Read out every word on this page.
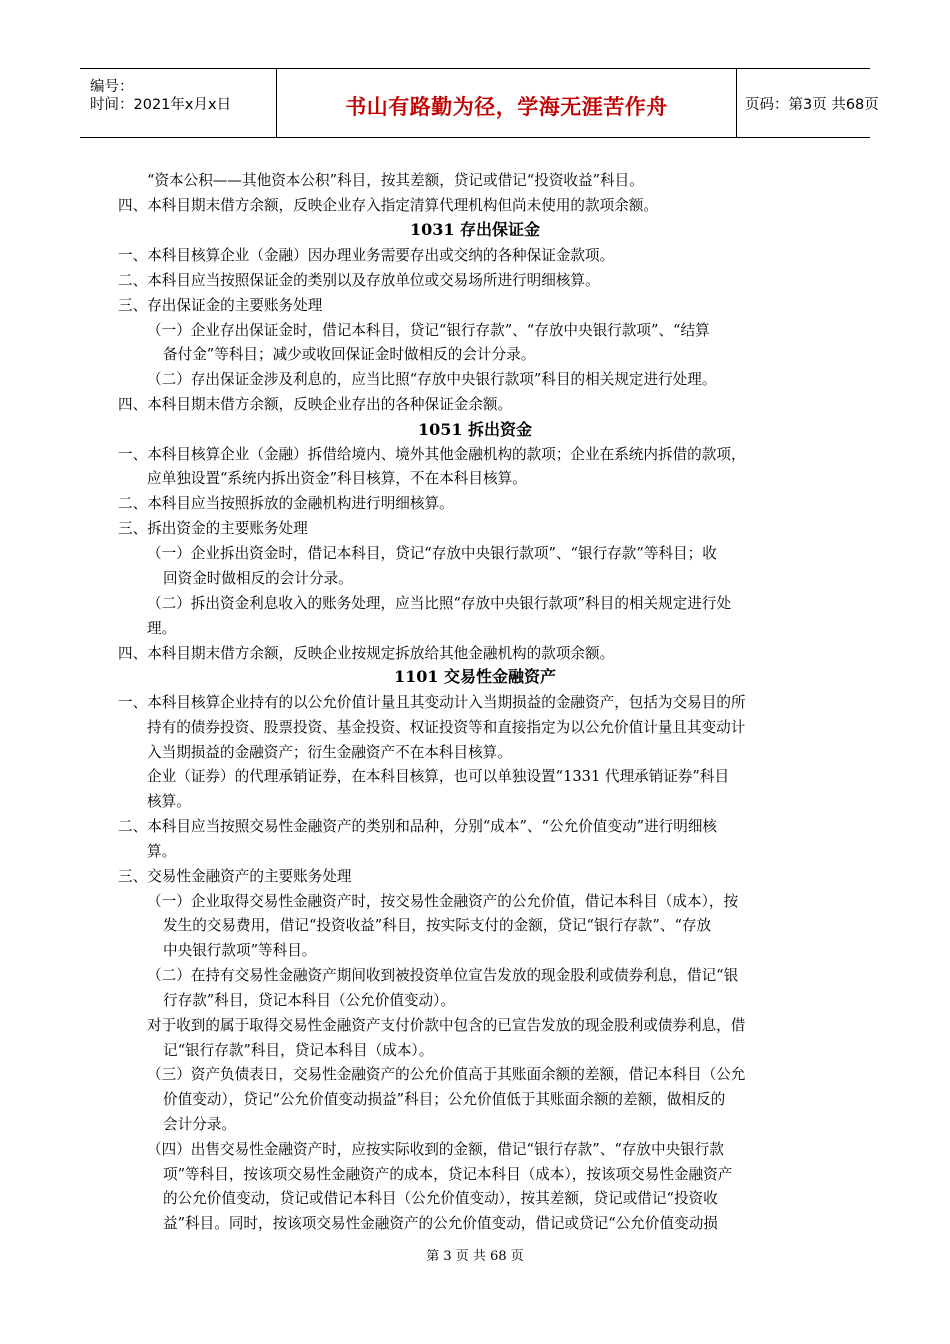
编号：
时间：2021年x月x日	书山有路勤为径，学海无涯苦作舟	页码：第3页 共68页
“资本公积——其他资本公积”科目，按其差额，贷记或借记“投资收益”科目。
四、本科目期末借方余额，反映企业存入指定清算代理机构但尚未使用的款项余额。
1031 存出保证金
一、本科目核算企业（金融）因办理业务需要存出或交纳的各种保证金款项。
二、本科目应当按照保证金的类别以及存放单位或交易场所进行明细核算。
三、存出保证金的主要账务处理
（一）企业存出保证金时，借记本科目，贷记“银行存款”、“存放中央银行款项”、“结算
备付金”等科目；减少或收回保证金时做相反的会计分录。
（二）存出保证金涉及利息的，应当比照“存放中央银行款项”科目的相关规定进行处理。
四、本科目期末借方余额，反映企业存出的各种保证金余额。
1051 拆出资金
一、本科目核算企业（金融）拆借给境内、境外其他金融机构的款项；企业在系统内拆借的款项，
应单独设置“系统内拆出资金”科目核算，不在本科目核算。
二、本科目应当按照拆放的金融机构进行明细核算。
三、拆出资金的主要账务处理
（一）企业拆出资金时，借记本科目，贷记“存放中央银行款项”、“银行存款”等科目；收
回资金时做相反的会计分录。
（二）拆出资金利息收入的账务处理，应当比照“存放中央银行款项”科目的相关规定进行处
理。
四、本科目期末借方余额，反映企业按规定拆放给其他金融机构的款项余额。
1101 交易性金融资产
一、本科目核算企业持有的以公允价值计量且其变动计入当期损益的金融资产，包括为交易目的所
持有的债券投资、股票投资、基金投资、权证投资等和直接指定为以公允价值计量且其变动计
入当期损益的金融资产；衍生金融资产不在本科目核算。
企业（证券）的代理承销证券，在本科目核算，也可以单独设置“1331 代理承销证券”科目
核算。
二、本科目应当按照交易性金融资产的类别和品种，分别“成本”、“公允价值变动”进行明细核
算。
三、交易性金融资产的主要账务处理
（一）企业取得交易性金融资产时，按交易性金融资产的公允价值，借记本科目（成本），按
发生的交易费用，借记“投资收益”科目，按实际支付的金额，贷记“银行存款”、“存放
中央银行款项”等科目。
（二）在持有交易性金融资产期间收到被投资单位宣告发放的现金股利或债券利息，借记“银
行存款”科目，贷记本科目（公允价值变动）。
对于收到的属于取得交易性金融资产支付价款中包含的已宣告发放的现金股利或债券利息，借
记“银行存款”科目，贷记本科目（成本）。
（三）资产负债表日，交易性金融资产的公允价值高于其账面余额的差额，借记本科目（公允
价值变动），贷记“公允价值变动损益”科目；公允价值低于其账面余额的差额，做相反的
会计分录。
（四）出售交易性金融资产时，应按实际收到的金额，借记“银行存款”、“存放中央银行款
项”等科目，按该项交易性金融资产的成本，贷记本科目（成本），按该项交易性金融资产
的公允价值变动，贷记或借记本科目（公允价值变动），按其差额，贷记或借记“投资收
益”科目。同时，按该项交易性金融资产的公允价值变动，借记或贷记“公允价值变动损
第 3 页 共 68 页
